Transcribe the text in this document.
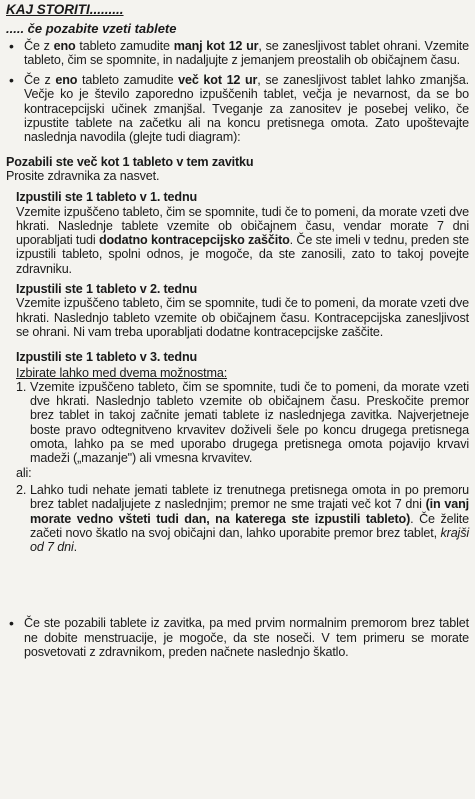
KAJ STORITI.........
..... če pozabite vzeti tablete
• Če z eno tableto zamudite manj kot 12 ur, se zanesljivost tablet ohrani. Vzemite tableto, čim se spomnite, in nadaljujte z jemanjem preostalih ob običajnem času.
• Če z eno tableto zamudite več kot 12 ur, se zanesljivost tablet lahko zmanjša. Večje ko je število zaporedno izpuščenih tablet, večja je nevarnost, da se bo kontracepcijski učinek zmanjšal. Tveganje za zanositev je posebej veliko, če izpustite tablete na začetku ali na koncu pretisnega omota. Zato upoštevajte naslednja navodila (glejte tudi diagram):
Pozabili ste več kot 1 tableto v tem zavitku
Prosite zdravnika za nasvet.
Izpustili ste 1 tableto v 1. tednu
Vzemite izpuščeno tableto, čim se spomnite, tudi če to pomeni, da morate vzeti dve hkrati. Naslednje tablete vzemite ob običajnem času, vendar morate 7 dni uporabljati tudi dodatno kontracepcijsko zaščito. Če ste imeli v tednu, preden ste izpustili tableto, spolni odnos, je mogoče, da ste zanosili, zato to takoj povejte zdravniku.
Izpustili ste 1 tableto v 2. tednu
Vzemite izpuščeno tableto, čim se spomnite, tudi če to pomeni, da morate vzeti dve hkrati. Naslednjo tableto vzemite ob običajnem času. Kontracepcijska zanesljivost se ohrani. Ni vam treba uporabljati dodatne kontracepcijske zaščite.
Izpustili ste 1 tableto v 3. tednu
Izbirate lahko med dvema možnostma:
1. Vzemite izpuščeno tableto, čim se spomnite, tudi če to pomeni, da morate vzeti dve hkrati. Naslednjo tableto vzemite ob običajnem času. Preskočite premor brez tablet in takoj začnite jemati tablete iz naslednjega zavitka. Najverjetneje boste pravo odtegnitveno krvavitev doživeli šele po koncu drugega pretisnega omota, lahko pa se med uporabo drugega pretisnega omota pojavijo krvavi madeži („mazanje") ali vmesna krvavitev.
ali:
2. Lahko tudi nehate jemati tablete iz trenutnega pretisnega omota in po premoru brez tablet nadaljujete z naslednjim; premor ne sme trajati več kot 7 dni (in vanj morate vedno všteti tudi dan, na katerega ste izpustili tableto). Če želite začeti novo škatlo na svoj običajni dan, lahko uporabite premor brez tablet, krajši od 7 dni.
• Če ste pozabili tablete iz zavitka, pa med prvim normalnim premorom brez tablet ne dobite menstruacije, je mogoče, da ste noseči. V tem primeru se morate posvetovati z zdravnikom, preden načnete naslednjo škatlo.
